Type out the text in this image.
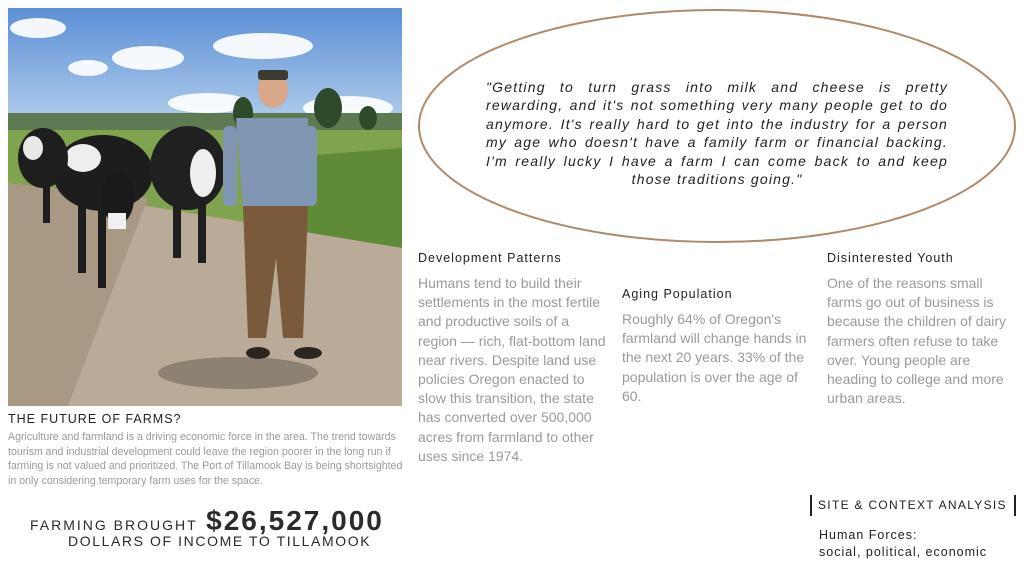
THE FUTURE OF FARMS?
Agriculture and farmland is a driving economic force in the area. The trend towards tourism and industrial development could leave the region poorer in the long run if farming is not valued and prioritized. The Port of Tillamook Bay is being shortsighted in only considering temporary farm uses for the space.
FARMING BROUGHT $26,527,000
DOLLARS OF INCOME TO TILLAMOOK
"Getting to turn grass into milk and cheese is pretty rewarding, and it's not something very many people get to do anymore. It's really hard to get into the industry for a person my age who doesn't have a family farm or financial backing. I'm really lucky I have a farm I can come back to and keep those traditions going."
Development Patterns
Humans tend to build their settlements in the most fertile and productive soils of a region — rich, flat-bottom land near rivers. Despite land use policies Oregon enacted to slow this transition, the state has converted over 500,000 acres from farmland to other uses since 1974.
Aging Population
Roughly 64% of Oregon's farmland will change hands in the next 20 years. 33% of the population is over the age of 60.
Disinterested Youth
One of the reasons small farms go out of business is because the children of dairy farmers often refuse to take over. Young people are heading to college and more urban areas.
SITE & CONTEXT ANALYSIS
Human Forces:
social, political, economic
